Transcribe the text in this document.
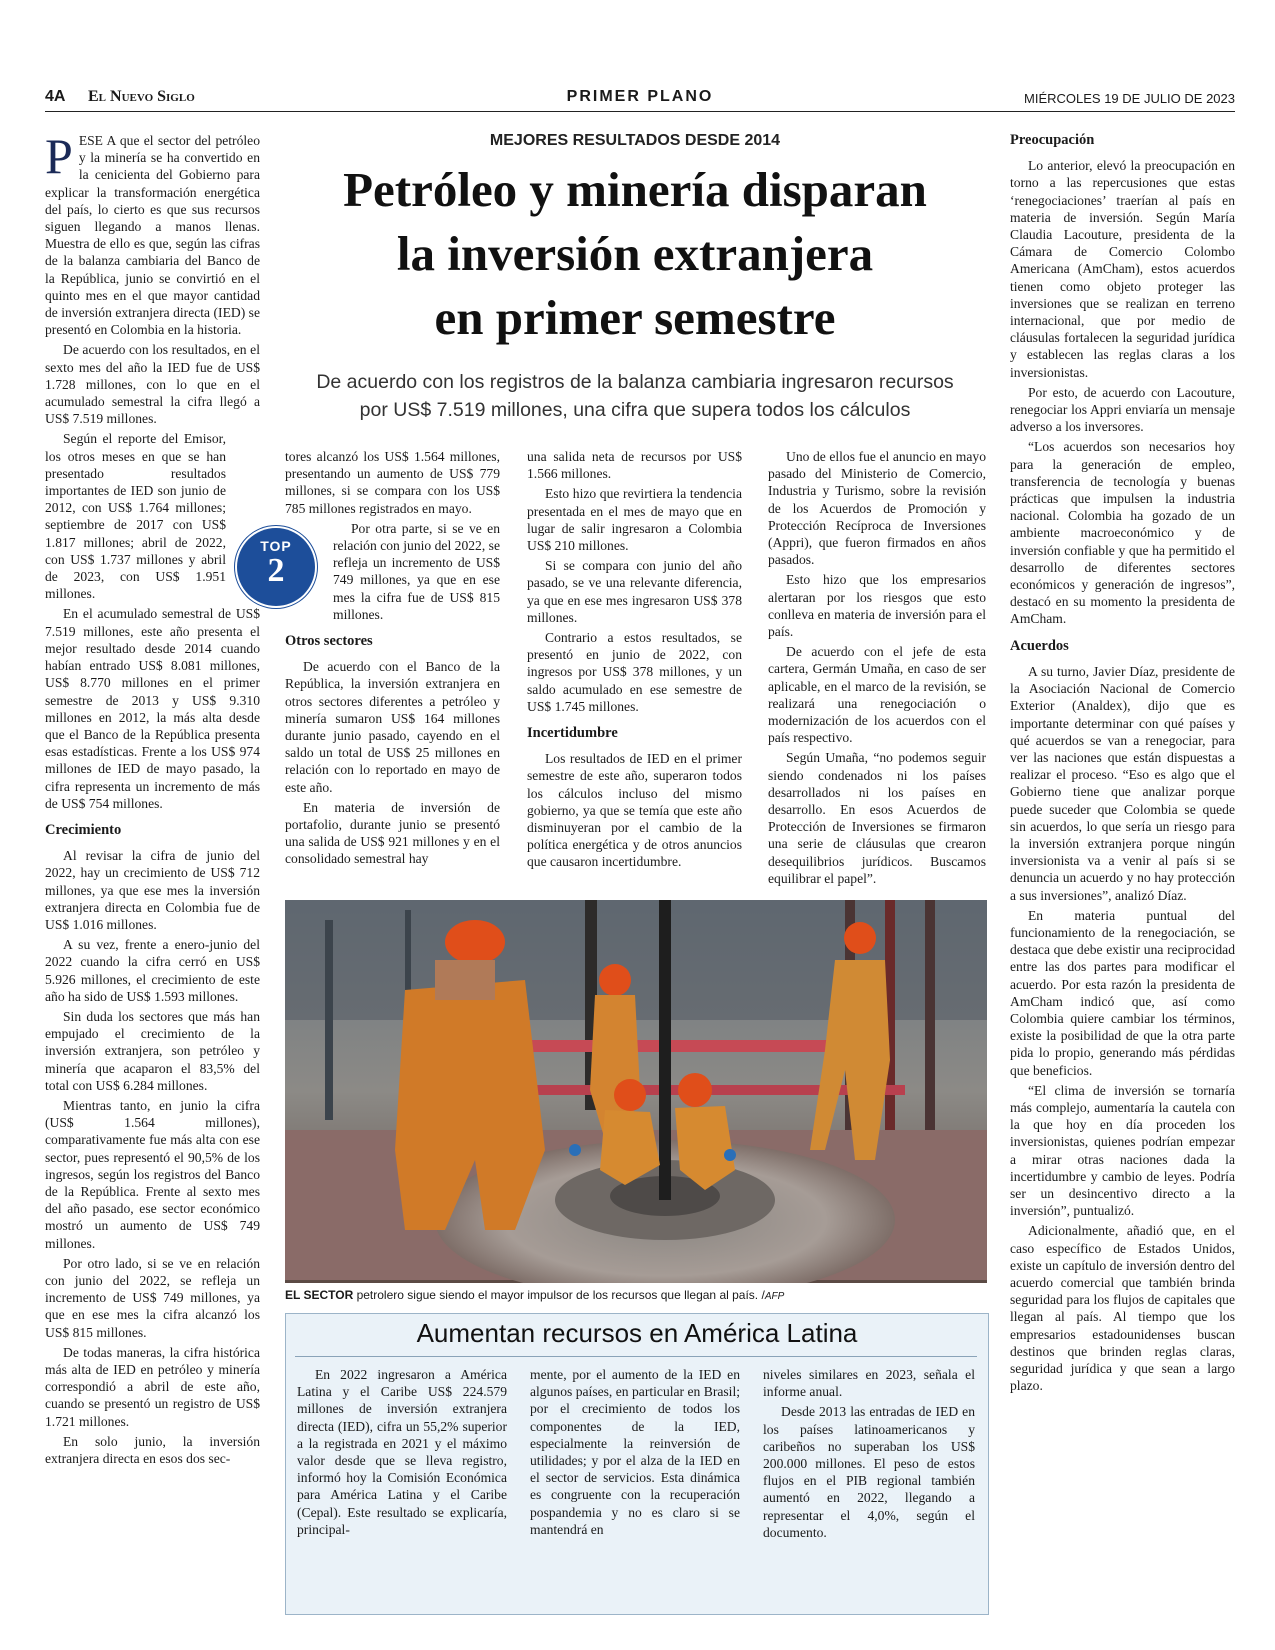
4A El Nuevo Siglo	PRIMER PLANO	MIÉRCOLES 19 DE JULIO DE 2023
MEJORES RESULTADOS DESDE 2014
Petróleo y minería disparan
la inversión extranjera
en primer semestre
De acuerdo con los registros de la balanza cambiaria ingresaron recursos
por US$ 7.519 millones, una cifra que supera todos los cálculos

PESE A que el sector del petróleo y la minería se ha convertido en la cenicienta del Gobierno para explicar la transformación energética del país, lo cierto es que sus recursos siguen llegando a manos llenas. Muestra de ello es que, según las cifras de la balanza cambiaria del Banco de la República, junio se convirtió en el quinto mes en el que mayor cantidad de inversión extranjera directa (IED) se presentó en Colombia en la historia.

De acuerdo con los resultados, en el sexto mes del año la IED fue de US$ 1.728 millones, con lo que en el acumulado semestral la cifra llegó a US$ 7.519 millones.

Según el reporte del Emisor, los otros meses en que se han presentado resultados importantes de IED son junio de 2012, con US$ 1.764 millones; septiembre de 2017 con US$ 1.817 millones; abril de 2022, con US$ 1.737 millones y abril de 2023, con US$ 1.951 millones.

En el acumulado semestral de US$ 7.519 millones, este año presenta el mejor resultado desde 2014 cuando habían entrado US$ 8.081 millones, US$ 8.770 millones en el primer semestre de 2013 y US$ 9.310 millones en 2012, la más alta desde que el Banco de la República presenta esas estadísticas. Frente a los US$ 974 millones de IED de mayo pasado, la cifra representa un incremento de más de US$ 754 millones.

Crecimiento

Al revisar la cifra de junio del 2022, hay un crecimiento de US$ 712 millones, ya que ese mes la inversión extranjera directa en Colombia fue de US$ 1.016 millones.

A su vez, frente a enero-junio del 2022 cuando la cifra cerró en US$ 5.926 millones, el crecimiento de este año ha sido de US$ 1.593 millones.

Sin duda los sectores que más han empujado el crecimiento de la inversión extranjera, son petróleo y minería que acaparon el 83,5% del total con US$ 6.284 millones.

Mientras tanto, en junio la cifra (US$ 1.564 millones), comparativamente fue más alta con ese sector, pues representó el 90,5% de los ingresos, según los registros del Banco de la República. Frente al sexto mes del año pasado, ese sector económico mostró un aumento de US$ 749 millones.

Por otro lado, si se ve en relación con junio del 2022, se refleja un incremento de US$ 749 millones, ya que en ese mes la cifra alcanzó los US$ 815 millones.

De todas maneras, la cifra histórica más alta de IED en petróleo y minería correspondió a abril de este año, cuando se presentó un registro de US$ 1.721 millones.

En solo junio, la inversión extranjera directa en esos dos sec-

TOP
2

tores alcanzó los US$ 1.564 millones, presentando un aumento de US$ 779 millones, si se compara con los US$ 785 millones registrados en mayo.

Por otra parte, si se ve en relación con junio del 2022, se refleja un incremento de US$ 749 millones, ya que en ese mes la cifra fue de US$ 815 millones.

Otros sectores

De acuerdo con el Banco de la República, la inversión extranjera en otros sectores diferentes a petróleo y minería sumaron US$ 164 millones durante junio pasado, cayendo en el saldo un total de US$ 25 millones en relación con lo reportado en mayo de este año.

En materia de inversión de portafolio, durante junio se presentó una salida de US$ 921 millones y en el consolidado semestral hay

una salida neta de recursos por US$ 1.566 millones.

Esto hizo que revirtiera la tendencia presentada en el mes de mayo que en lugar de salir ingresaron a Colombia US$ 210 millones.

Si se compara con junio del año pasado, se ve una relevante diferencia, ya que en ese mes ingresaron US$ 378 millones.

Contrario a estos resultados, se presentó en junio de 2022, con ingresos por US$ 378 millones, y un saldo acumulado en ese semestre de US$ 1.745 millones.

Incertidumbre

Los resultados de IED en el primer semestre de este año, superaron todos los cálculos incluso del mismo gobierno, ya que se temía que este año disminuyeran por el cambio de la política energética y de otros anuncios que causaron incertidumbre.

Uno de ellos fue el anuncio en mayo pasado del Ministerio de Comercio, Industria y Turismo, sobre la revisión de los Acuerdos de Promoción y Protección Recíproca de Inversiones (Appri), que fueron firmados en años pasados.

Esto hizo que los empresarios alertaran por los riesgos que esto conlleva en materia de inversión para el país.

De acuerdo con el jefe de esta cartera, Germán Umaña, en caso de ser aplicable, en el marco de la revisión, se realizará una renegociación o modernización de los acuerdos con el país respectivo.

Según Umaña, “no podemos seguir siendo condenados ni los países desarrollados ni los países en desarrollo. En esos Acuerdos de Protección de Inversiones se firmaron una serie de cláusulas que crearon desequilibrios jurídicos. Buscamos equilibrar el papel”.

Preocupación

Lo anterior, elevó la preocupación en torno a las repercusiones que estas ‘renegociaciones’ traerían al país en materia de inversión. Según María Claudia Lacouture, presidenta de la Cámara de Comercio Colombo Americana (AmCham), estos acuerdos tienen como objeto proteger las inversiones que se realizan en terreno internacional, que por medio de cláusulas fortalecen la seguridad jurídica y establecen las reglas claras a los inversionistas.

Por esto, de acuerdo con Lacouture, renegociar los Appri enviaría un mensaje adverso a los inversores.

“Los acuerdos son necesarios hoy para la generación de empleo, transferencia de tecnología y buenas prácticas que impulsen la industria nacional. Colombia ha gozado de un ambiente macroeconómico y de inversión confiable y que ha permitido el desarrollo de diferentes sectores económicos y generación de ingresos”, destacó en su momento la presidenta de AmCham.

Acuerdos

A su turno, Javier Díaz, presidente de la Asociación Nacional de Comercio Exterior (Analdex), dijo que es importante determinar con qué países y qué acuerdos se van a renegociar, para ver las naciones que están dispuestas a realizar el proceso. “Eso es algo que el Gobierno tiene que analizar porque puede suceder que Colombia se quede sin acuerdos, lo que sería un riesgo para la inversión extranjera porque ningún inversionista va a venir al país si se denuncia un acuerdo y no hay protección a sus inversiones”, analizó Díaz.

En materia puntual del funcionamiento de la renegociación, se destaca que debe existir una reciprocidad entre las dos partes para modificar el acuerdo. Por esta razón la presidenta de AmCham indicó que, así como Colombia quiere cambiar los términos, existe la posibilidad de que la otra parte pida lo propio, generando más pérdidas que beneficios.

“El clima de inversión se tornaría más complejo, aumentaría la cautela con la que hoy en día proceden los inversionistas, quienes podrían empezar a mirar otras naciones dada la incertidumbre y cambio de leyes. Podría ser un desincentivo directo a la inversión”, puntualizó.

Adicionalmente, añadió que, en el caso específico de Estados Unidos, existe un capítulo de inversión dentro del acuerdo comercial que también brinda seguridad para los flujos de capitales que llegan al país. Al tiempo que los empresarios estadounidenses buscan destinos que brinden reglas claras, seguridad jurídica y que sean a largo plazo.

EL SECTOR petrolero sigue siendo el mayor impulsor de los recursos que llegan al país. /AFP
Aumentan recursos en América Latina

En 2022 ingresaron a América Latina y el Caribe US$ 224.579 millones de inversión extranjera directa (IED), cifra un 55,2% superior a la registrada en 2021 y el máximo valor desde que se lleva registro, informó hoy la Comisión Económica para América Latina y el Caribe (Cepal). Este resultado se explicaría, principal-

mente, por el aumento de la IED en algunos países, en particular en Brasil; por el crecimiento de todos los componentes de la IED, especialmente la reinversión de utilidades; y por el alza de la IED en el sector de servicios. Esta dinámica es congruente con la recuperación pospandemia y no es claro si se mantendrá en

niveles similares en 2023, señala el informe anual.

Desde 2013 las entradas de IED en los países latinoamericanos y caribeños no superaban los US$ 200.000 millones. El peso de estos flujos en el PIB regional también aumentó en 2022, llegando a representar el 4,0%, según el documento.
